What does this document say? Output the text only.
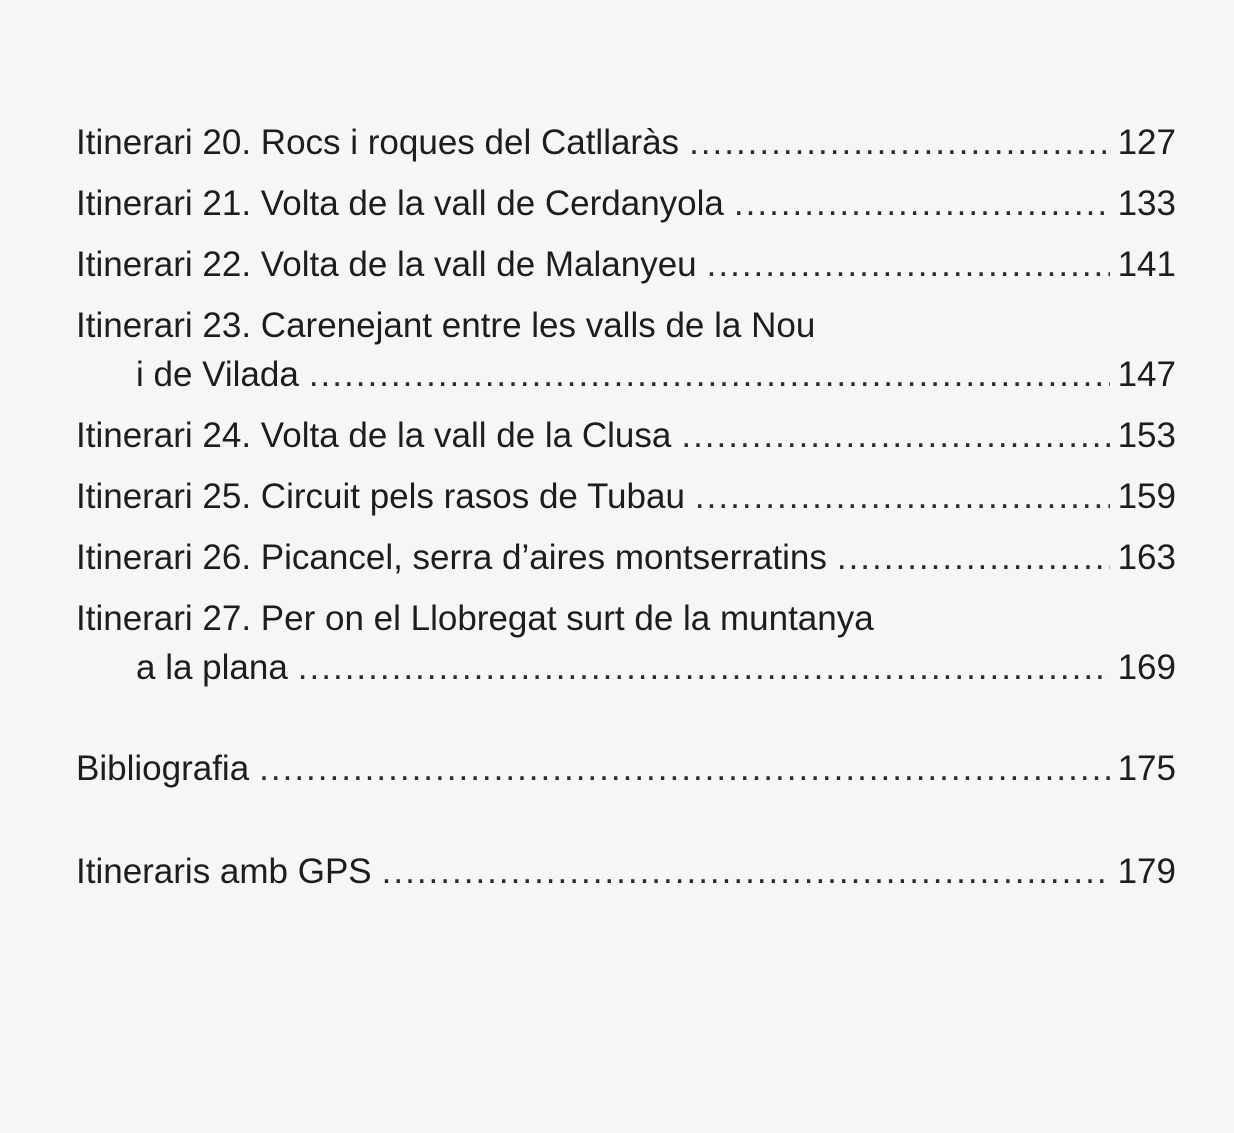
Itinerari 20. Rocs i roques del Catllaràs .....	127
Itinerari 21. Volta de la vall de Cerdanyola .....	133
Itinerari 22. Volta de la vall de Malanyeu .....	141
Itinerari 23. Carenejant entre les valls de la Nou
i de Vilada .....	147
Itinerari 24. Volta de la vall de la Clusa .....	153
Itinerari 25. Circuit pels rasos de Tubau .....	159
Itinerari 26. Picancel, serra d’aires montserratins .....	163
Itinerari 27. Per on el Llobregat surt de la muntanya
a la plana .....	169
Bibliografia .....	175
Itineraris amb GPS .....	179
